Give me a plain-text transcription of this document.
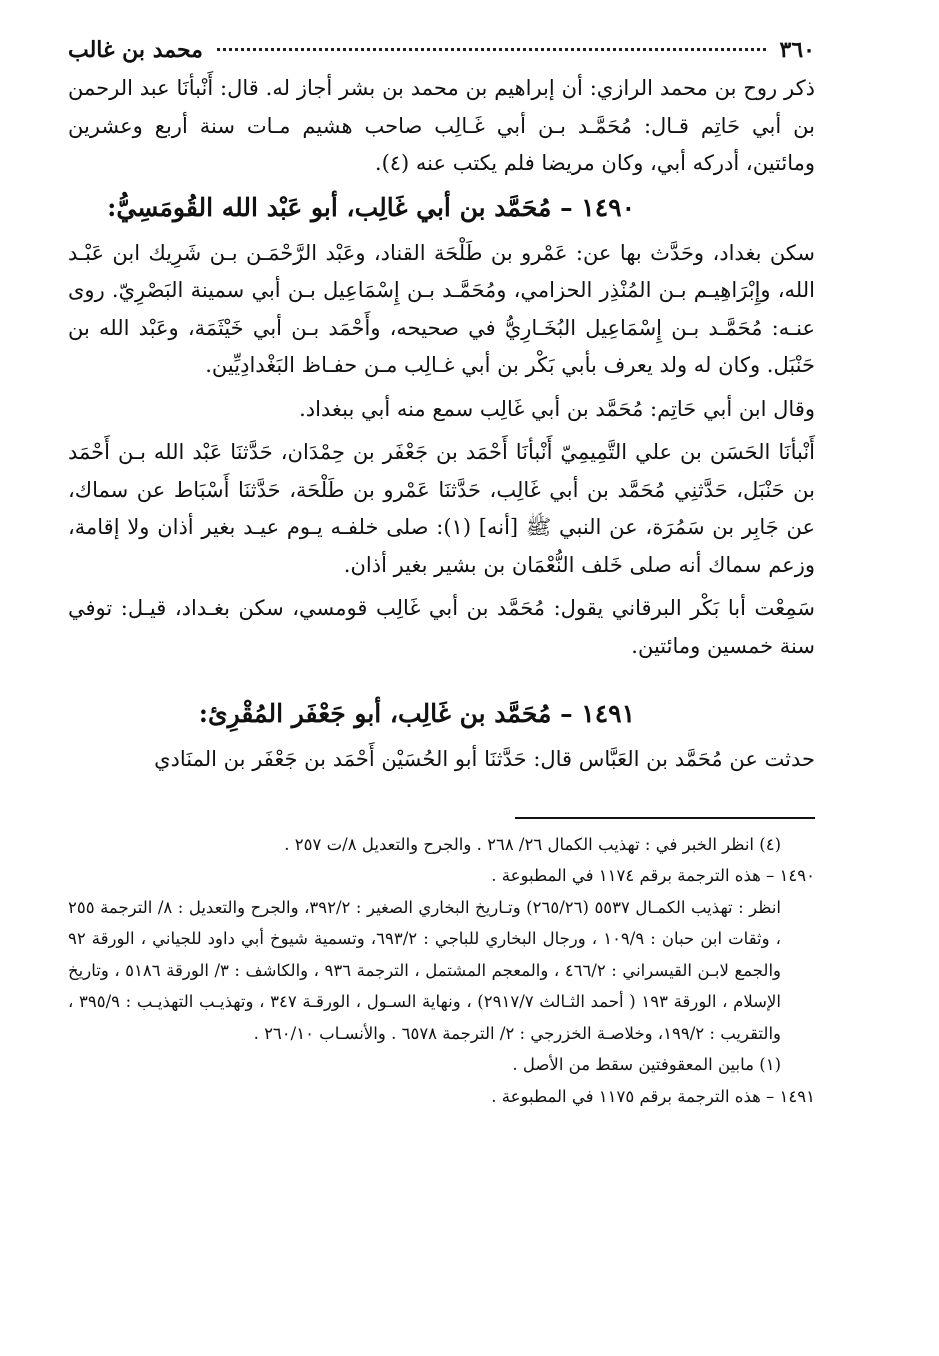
٣٦٠
محمد بن غالب

ذكر روح بن محمد الرازي: أن إبراهيم بن محمد بن بشر أجاز له. قال: أَنْبأنَا عبد الرحمن بن أبي حَاتِم قـال: مُحَمَّـد بـن أبي غَـالِب صاحب هشيم مـات سنة أربع وعشرين ومائتين، أدركه أبي، وكان مريضا فلم يكتب عنه (٤).

١٤٩٠ – مُحَمَّد بن أبي غَالِب، أبو عَبْد الله القُومَسِيُّ:

سكن بغداد، وحَدَّث بها عن: عَمْرو بن طَلْحَة القناد، وعَبْد الرَّحْمَـن بـن شَرِيك ابن عَبْـد الله، وإِبْرَاهِيـم بـن المُنْذِر الحزامي، ومُحَمَّـد بـن إِسْمَاعِيل بـن أبي سمينة البَصْرِيّ. روى عنـه: مُحَمَّـد بـن إِسْمَاعِيل البُخَـارِيُّ في صحيحه، وأَحْمَد بـن أبي خَيْثَمَة، وعَبْد الله بن حَنْبَل. وكان له ولد يعرف بأبي بَكْر بن أبي غـالِب مـن حفـاظ البَغْدادِيِّين.

وقال ابن أبي حَاتِم: مُحَمَّد بن أبي غَالِب سمع منه أبي ببغداد.

أَنْبأنَا الحَسَن بن علي التَّمِيمِيّ أَنْبأنَا أَحْمَد بن جَعْفَر بن حِمْدَان، حَدَّثنَا عَبْد الله بـن أَحْمَد بن حَنْبَل، حَدَّثنِي مُحَمَّد بن أبي غَالِب، حَدَّثنَا عَمْرو بن طَلْحَة، حَدَّثنَا أَسْبَاط عن سماك، عن جَابِر بن سَمُرَة، عن النبي ﷺ [أنه] (١): صلى خلفـه يـوم عيـد بغير أذان ولا إقامة، وزعم سماك أنه صلى خَلف النُّعْمَان بن بشير بغير أذان.

سَمِعْت أبا بَكْر البرقاني يقول: مُحَمَّد بن أبي غَالِب قومسي، سكن بغـداد، قيـل: توفي سنة خمسين ومائتين.

١٤٩١ – مُحَمَّد بن غَالِب، أبو جَعْفَر المُقْرِئ:

حدثت عن مُحَمَّد بن العَبَّاس قال: حَدَّثنَا أبو الحُسَيْن أَحْمَد بن جَعْفَر بن المنَادي

(٤) انظر الخبر في : تهذيب الكمال ٢٦/ ٢٦٨ . والجرح والتعديل ٨/ت ٢٥٧ .

١٤٩٠ – هذه الترجمة برقم ١١٧٤ في المطبوعة .

انظر : تهذيب الكمـال ٥٥٣٧ (٢٦٥/٢٦) وتـاريخ البخاري الصغير : ٣٩٢/٢، والجرح والتعديل : ٨/ الترجمة ٢٥٥ ، وثقات ابن حبان : ١٠٩/٩ ، ورجال البخاري للباجي : ٦٩٣/٢، وتسمية شيوخ أبي داود للجياني ، الورقة ٩٢ والجمع لابـن القيسراني : ٤٦٦/٢ ، والمعجم المشتمل ، الترجمة ٩٣٦ ، والكاشف : ٣/ الورقة ٥١٨٦ ، وتاريخ الإسلام ، الورقة ١٩٣ ( أحمد الثـالث ٢٩١٧/٧) ، ونهاية السـول ، الورقـة ٣٤٧ ، وتهذيـب التهذيـب : ٣٩٥/٩ ، والتقريب : ١٩٩/٢، وخلاصـة الخزرجي : ٢/ الترجمة ٦٥٧٨ . والأنسـاب ٢٦٠/١٠ .

(١) مابين المعقوفتين سقط من الأصل .

١٤٩١ – هذه الترجمة برقم ١١٧٥ في المطبوعة .
